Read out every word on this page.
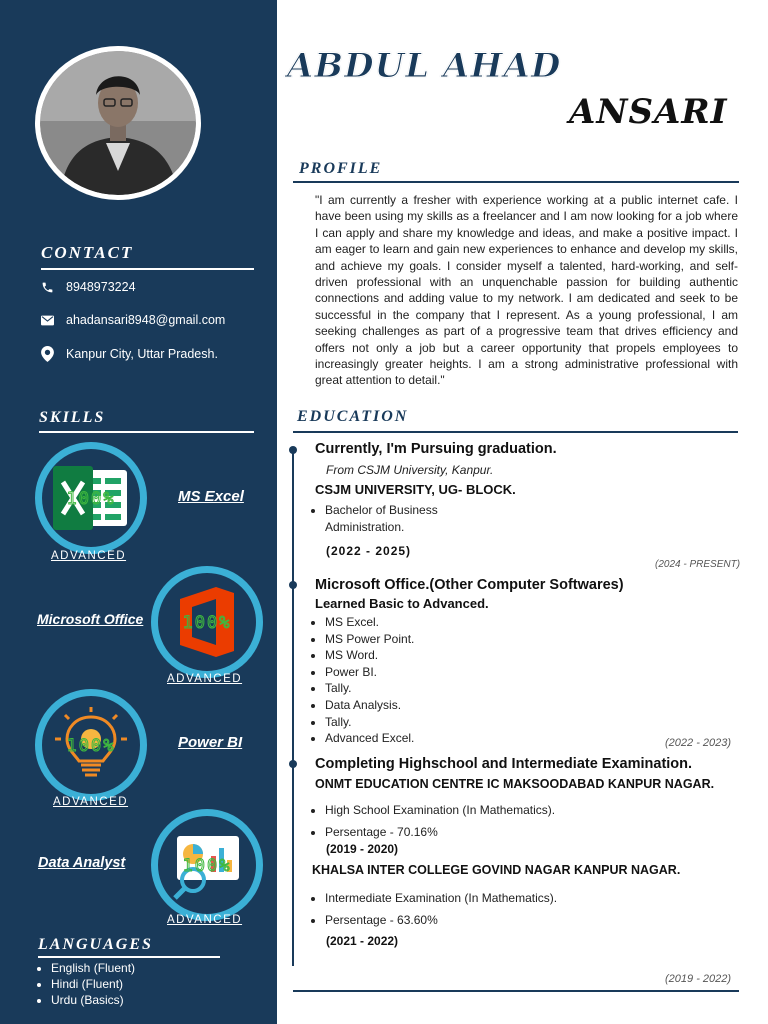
CONTACT
8948973224
ahadansari8948@gmail.com
Kanpur City, Uttar Pradesh.
SKILLS
100%
ADVANCED
MS Excel
100%
ADVANCED
Microsoft Office
100%
ADVANCED
Power BI
100%
ADVANCED
Data Analyst
LANGUAGES
• English (Fluent)
• Hindi (Fluent)
• Urdu (Basics)
ABDUL AHAD
ANSARI
PROFILE

"I am currently a fresher with experience working at a public internet cafe. I have been using my skills as a freelancer and I am now looking for a job where I can apply and share my knowledge and ideas, and make a positive impact. I am eager to learn and gain new experiences to enhance and develop my skills, and achieve my goals. I consider myself a talented, hard-working, and self-driven professional with an unquenchable passion for building authentic connections and adding value to my network. I am dedicated and seek to be successful in the company that I represent. As a young professional, I am seeking challenges as part of a progressive team that drives efficiency and offers not only a job but a career opportunity that propels employees to increasingly greater heights. I am a strong administrative professional with great attention to detail."

EDUCATION
Currently, I'm Pursuing graduation.
From CSJM University, Kanpur.
CSJM UNIVERSITY, UG- BLOCK.
• Bachelor of Business Administration.
(2022 - 2025)
(2024 - PRESENT)
Microsoft Office.(Other Computer Softwares)
Learned Basic to Advanced.
• MS Excel.
• MS Power Point.
• MS Word.
• Power BI.
• Tally.
• Data Analysis.
• Tally.
• Advanced Excel.	(2022 - 2023)
Completing Highschool and Intermediate Examination.
ONMT EDUCATION CENTRE IC MAKSOODABAD KANPUR NAGAR.
• High School Examination (In Mathematics).
• Persentage - 70.16%
(2019 - 2020)
KHALSA INTER COLLEGE GOVIND NAGAR KANPUR NAGAR.
• Intermediate Examination (In Mathematics).
• Persentage - 63.60%
(2021 - 2022)
(2019 - 2022)
